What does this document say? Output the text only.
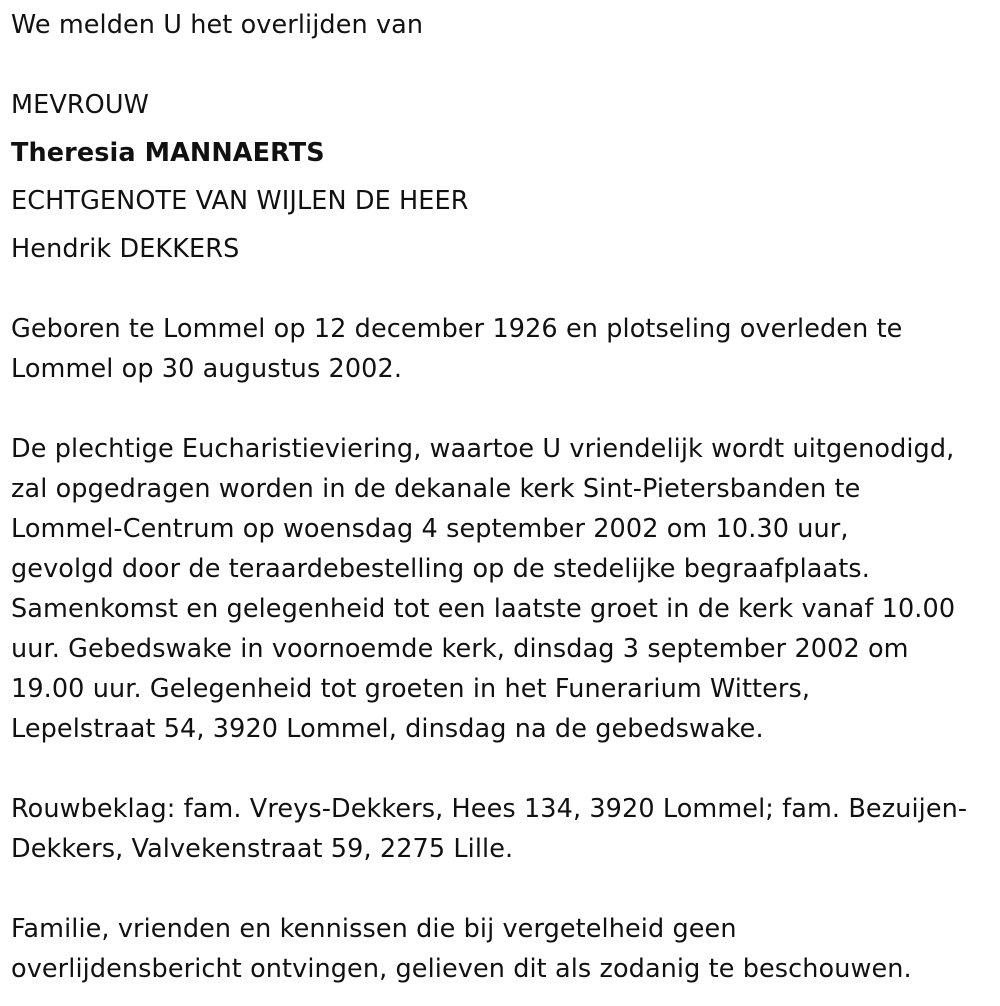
We melden U het overlijden van

MEVROUW

Theresia MANNAERTS

ECHTGENOTE VAN WIJLEN DE HEER

Hendrik DEKKERS

Geboren te Lommel op 12 december 1926 en plotseling overleden te
Lommel op 30 augustus 2002.
De plechtige Eucharistieviering, waartoe U vriendelijk wordt uitgenodigd,
zal opgedragen worden in de dekanale kerk Sint-Pietersbanden te
Lommel-Centrum op woensdag 4 september 2002 om 10.30 uur,
gevolgd door de teraardebestelling op de stedelijke begraafplaats.
Samenkomst en gelegenheid tot een laatste groet in de kerk vanaf 10.00
uur. Gebedswake in voornoemde kerk, dinsdag 3 september 2002 om
19.00 uur. Gelegenheid tot groeten in het Funerarium Witters,
Lepelstraat 54, 3920 Lommel, dinsdag na de gebedswake.
Rouwbeklag: fam. Vreys-Dekkers, Hees 134, 3920 Lommel; fam. Bezuijen-
Dekkers, Valvekenstraat 59, 2275 Lille.
Familie, vrienden en kennissen die bij vergetelheid geen
overlijdensbericht ontvingen, gelieven dit als zodanig te beschouwen.
